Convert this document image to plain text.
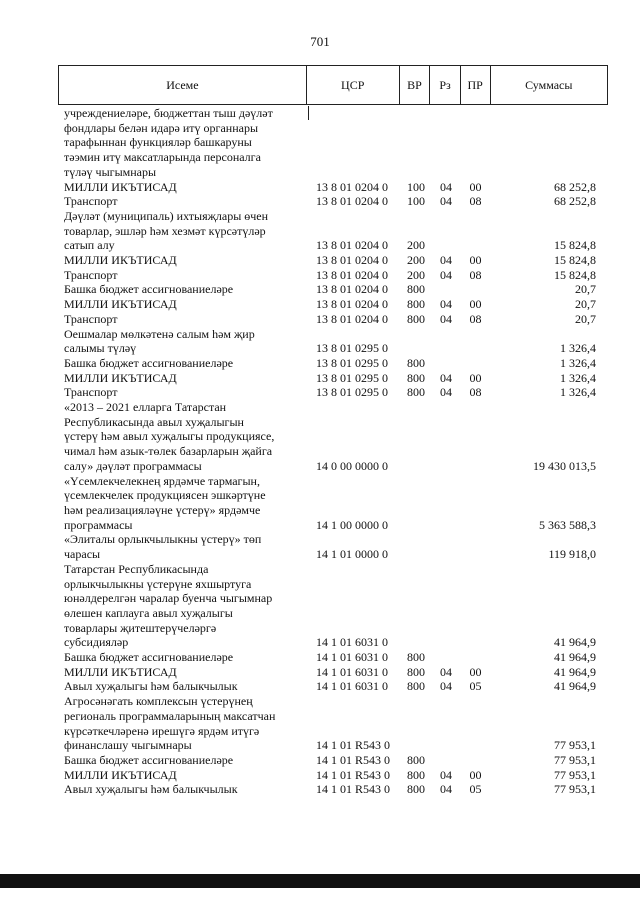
701
Исеме	ЦСР	ВР	Рз	ПР	Суммасы
учреждениеләре, бюджеттан тыш дәүләт
фондлары белән идарә итү органнары
тарафыннан функцияләр башкаруны
тәэмин итү максатларында персоналга
түләү чыгымнары
МИЛЛИ ИКЪТИСАД	13 8 01 0204 0	100	04	00	68 252,8
Транспорт	13 8 01 0204 0	100	04	08	68 252,8
Дәүләт (муниципаль) ихтыяҗлары өчен
товарлар, эшләр һәм хезмәт күрсәтүләр
сатып алу	13 8 01 0204 0	200	15 824,8
МИЛЛИ ИКЪТИСАД	13 8 01 0204 0	200	04	00	15 824,8
Транспорт	13 8 01 0204 0	200	04	08	15 824,8
Башка бюджет ассигнованиеләре	13 8 01 0204 0	800	20,7
МИЛЛИ ИКЪТИСАД	13 8 01 0204 0	800	04	00	20,7
Транспорт	13 8 01 0204 0	800	04	08	20,7
Оешмалар мөлкәтенә салым һәм җир
салымы түләү	13 8 01 0295 0	1 326,4
Башка бюджет ассигнованиеләре	13 8 01 0295 0	800	1 326,4
МИЛЛИ ИКЪТИСАД	13 8 01 0295 0	800	04	00	1 326,4
Транспорт	13 8 01 0295 0	800	04	08	1 326,4
«2013 – 2021 елларга Татарстан
Республикасында авыл хуҗалыгын
үстерү һәм авыл хуҗалыгы продукциясе,
чимал һәм азык-төлек базарларын җайга
салу» дәүләт программасы	14 0 00 0000 0	19 430 013,5
«Үсемлекчелекнең ярдәмче тармагын,
үсемлекчелек продукциясен эшкәртүне
һәм реализацияләүне үстерү» ярдәмче
программасы	14 1 00 0000 0	5 363 588,3
«Элиталы орлыкчылыкны үстерү» төп
чарасы	14 1 01 0000 0	119 918,0
Татарстан Республикасында
орлыкчылыкны үстерүне яхшыртуга
юнәлдерелгән чаралар буенча чыгымнар
өлешен каплауга авыл хуҗалыгы
товарлары җитештерүчеләргә
субсидияләр	14 1 01 6031 0	41 964,9
Башка бюджет ассигнованиеләре	14 1 01 6031 0	800	41 964,9
МИЛЛИ ИКЪТИСАД	14 1 01 6031 0	800	04	00	41 964,9
Авыл хуҗалыгы һәм балыкчылык	14 1 01 6031 0	800	04	05	41 964,9
Агросәнәгать комплексын үстерүнең
региональ программаларының максатчан
күрсәткечләренә ирешүгә ярдәм итүгә
финанслашу чыгымнары	14 1 01 R543 0	77 953,1
Башка бюджет ассигнованиеләре	14 1 01 R543 0	800	77 953,1
МИЛЛИ ИКЪТИСАД	14 1 01 R543 0	800	04	00	77 953,1
Авыл хуҗалыгы һәм балыкчылык	14 1 01 R543 0	800	04	05	77 953,1
